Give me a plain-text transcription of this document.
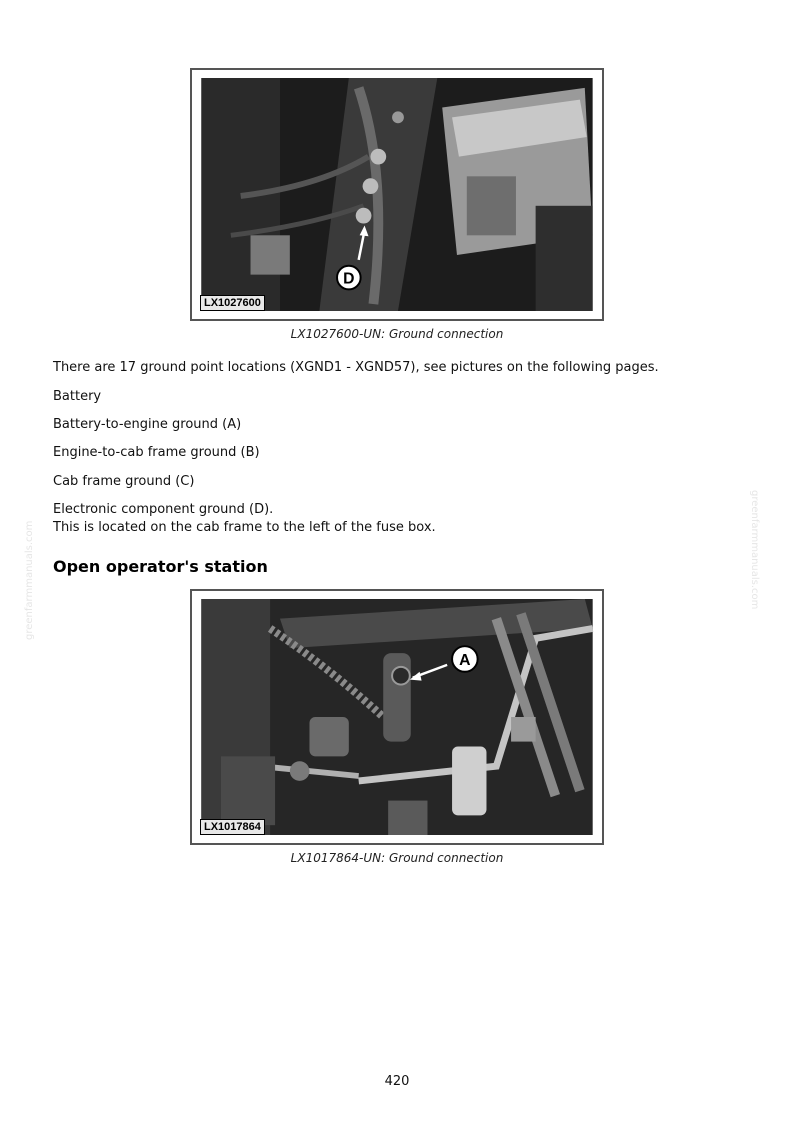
D
LX1027600
LX1027600-UN: Ground connection
There are 17 ground point locations (XGND1 - XGND57), see pictures on the following pages.
Battery
Battery-to-engine ground (A)
Engine-to-cab frame ground (B)
Cab frame ground (C)
Electronic component ground (D).
This is located on the cab frame to the left of the fuse box.
Open operator's station
A
LX1017864
LX1017864-UN: Ground connection
greenfarmmanuals.com	greenfarmmanuals.com
420
